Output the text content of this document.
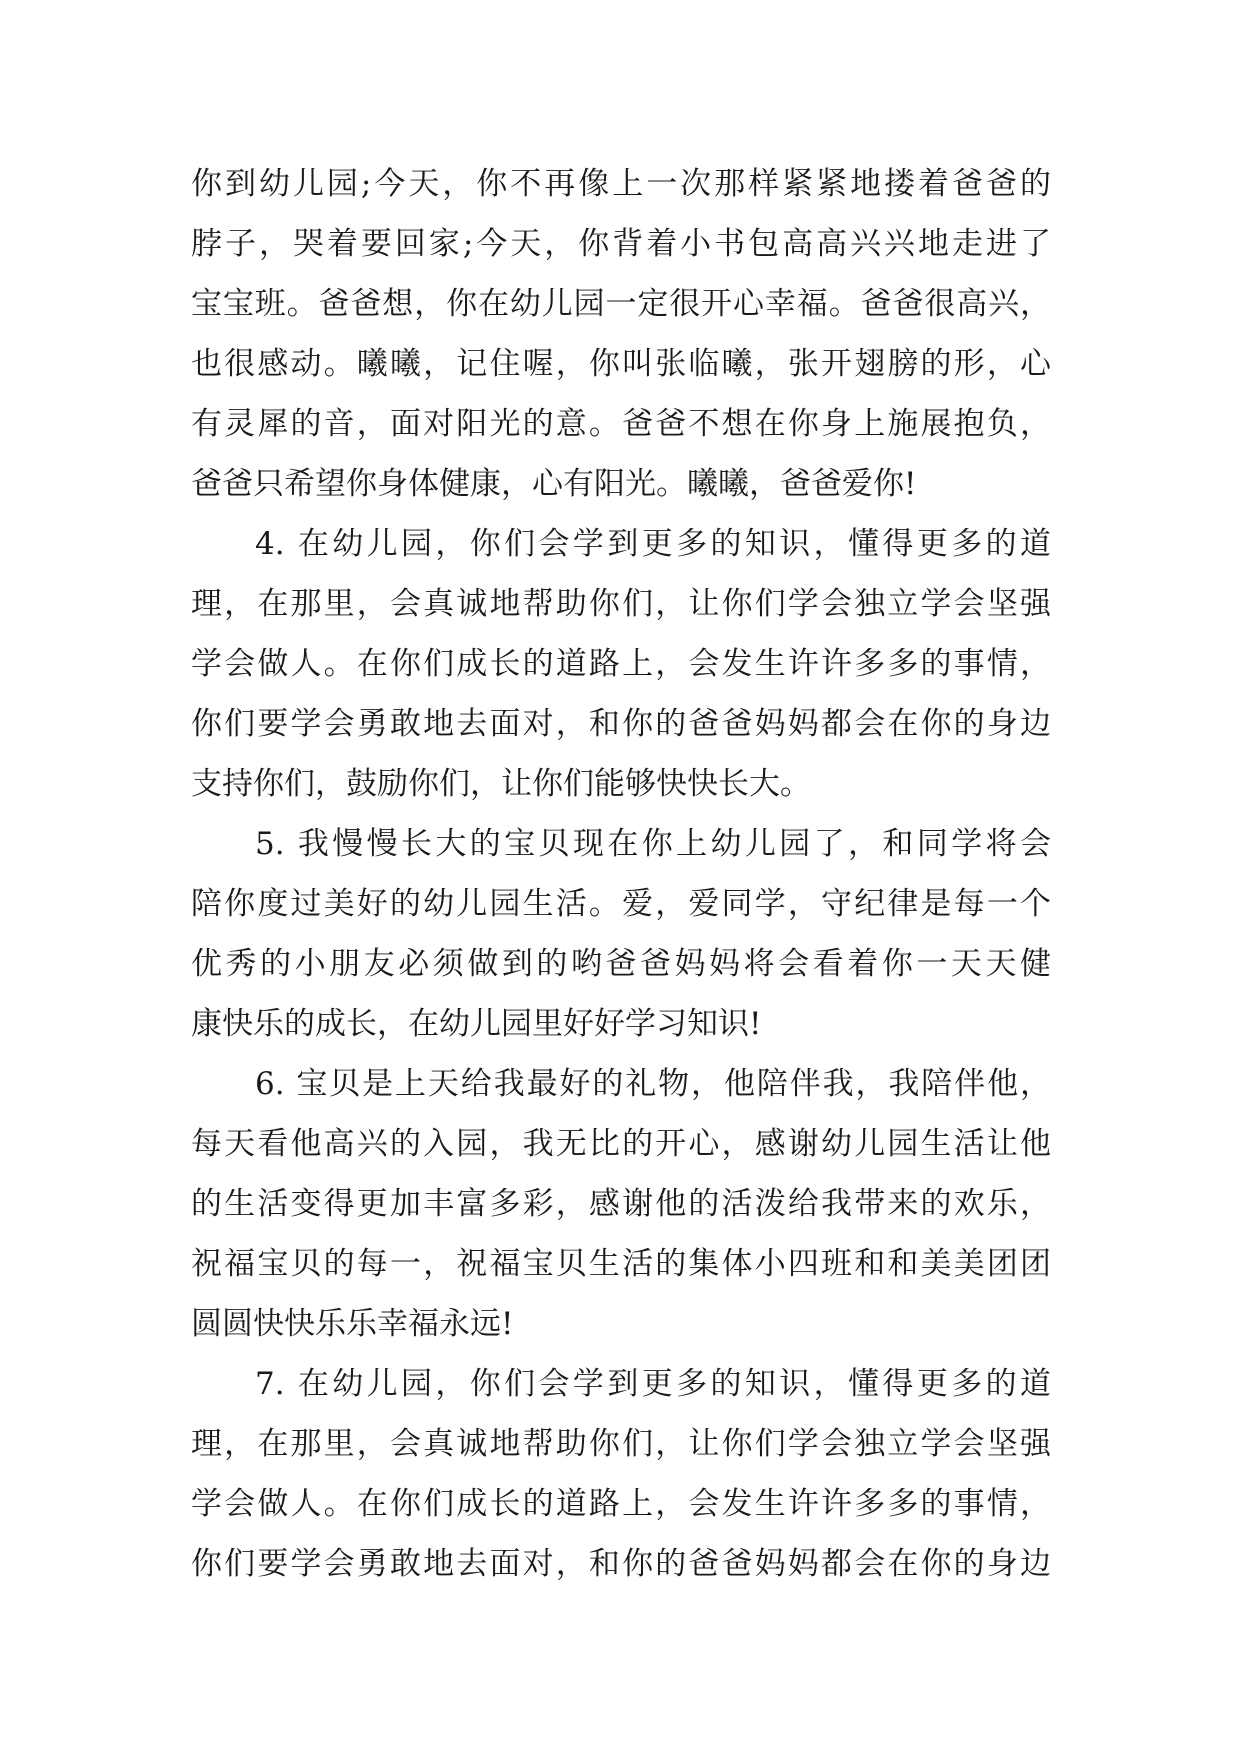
你到幼儿园;今天，你不再像上一次那样紧紧地搂着爸爸的
脖子，哭着要回家;今天，你背着小书包高高兴兴地走进了
宝宝班。爸爸想，你在幼儿园一定很开心幸福。爸爸很高兴，
也很感动。曦曦，记住喔，你叫张临曦，张开翅膀的形，心
有灵犀的音，面对阳光的意。爸爸不想在你身上施展抱负，
爸爸只希望你身体健康，心有阳光。曦曦，爸爸爱你!
4. 在幼儿园，你们会学到更多的知识，懂得更多的道
理，在那里，会真诚地帮助你们，让你们学会独立学会坚强
学会做人。在你们成长的道路上，会发生许许多多的事情，
你们要学会勇敢地去面对，和你的爸爸妈妈都会在你的身边
支持你们，鼓励你们，让你们能够快快长大。
5. 我慢慢长大的宝贝现在你上幼儿园了，和同学将会
陪你度过美好的幼儿园生活。爱，爱同学，守纪律是每一个
优秀的小朋友必须做到的哟爸爸妈妈将会看着你一天天健
康快乐的成长，在幼儿园里好好学习知识!
6. 宝贝是上天给我最好的礼物，他陪伴我，我陪伴他，
每天看他高兴的入园，我无比的开心，感谢幼儿园生活让他
的生活变得更加丰富多彩，感谢他的活泼给我带来的欢乐，
祝福宝贝的每一，祝福宝贝生活的集体小四班和和美美团团
圆圆快快乐乐幸福永远!
7. 在幼儿园，你们会学到更多的知识，懂得更多的道
理，在那里，会真诚地帮助你们，让你们学会独立学会坚强
学会做人。在你们成长的道路上，会发生许许多多的事情，
你们要学会勇敢地去面对，和你的爸爸妈妈都会在你的身边
